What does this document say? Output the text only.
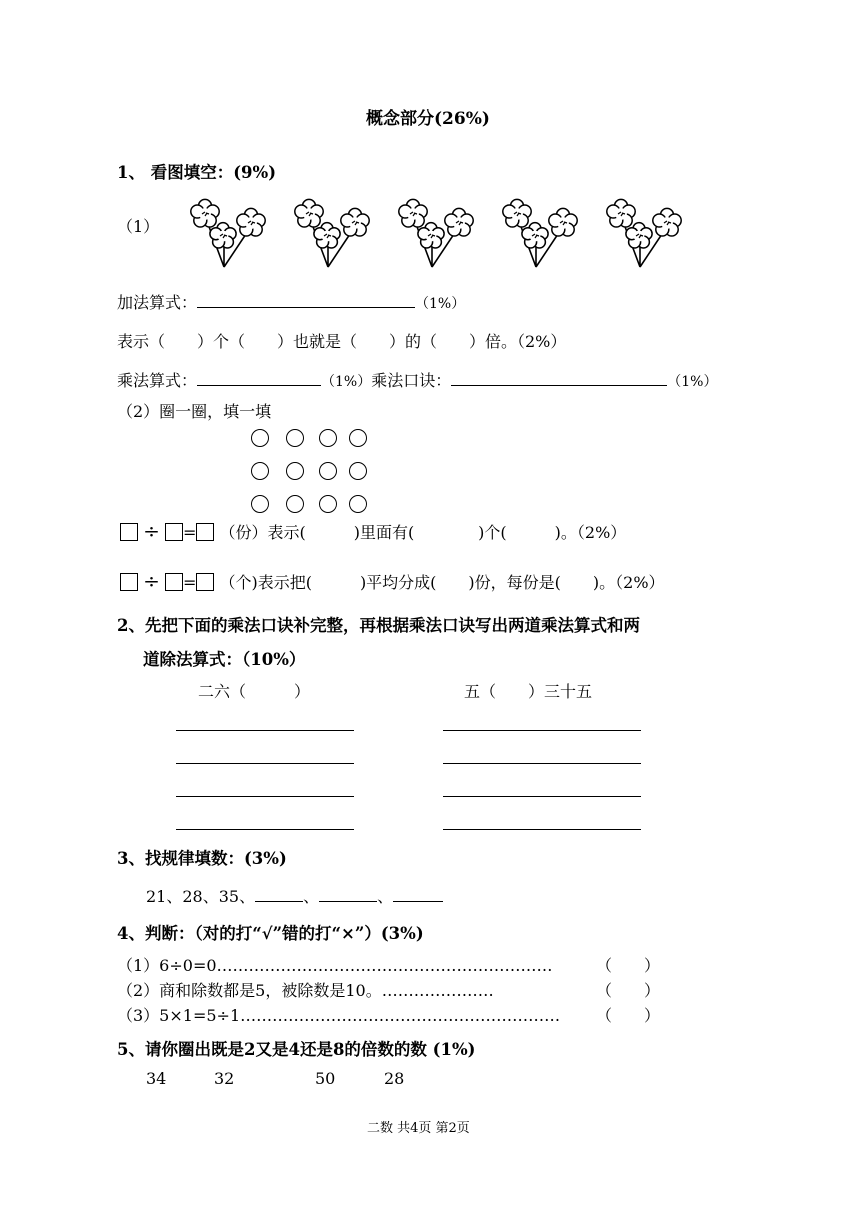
概念部分(26%)
1、 看图填空：(9%)
（1）
加法算式：	（1%）
表示（　　）个（　　）也就是（　　）的（　　）倍。（2%）
乘法算式：	（1%）乘法口诀：	（1%）
（2）圈一圈，填一填
÷ = （份）表示(　　　)里面有(　　　　)个(　　　)。（2%）
÷ = （个)表示把(　　　)平均分成(　　)份，每份是(　　)。（2%）
2、先把下面的乘法口诀补完整，再根据乘法口诀写出两道乘法算式和两
道除法算式：（10%）
二六（　　　）	五（　　）三十五
3、找规律填数：(3%)
21、28、35、	、	、
4、判断：（对的打“√”错的打“×”）(3%)
（1）6÷0=0………………………………………………………	（　　）
（2）商和除数都是5，被除数是10。…………………	（　　）
（3）5×1=5÷1……………………………………………………	（　　）
5、请你圈出既是2又是4还是8的倍数的数 (1%)
34	32	50	28
二数 共4页 第2页
